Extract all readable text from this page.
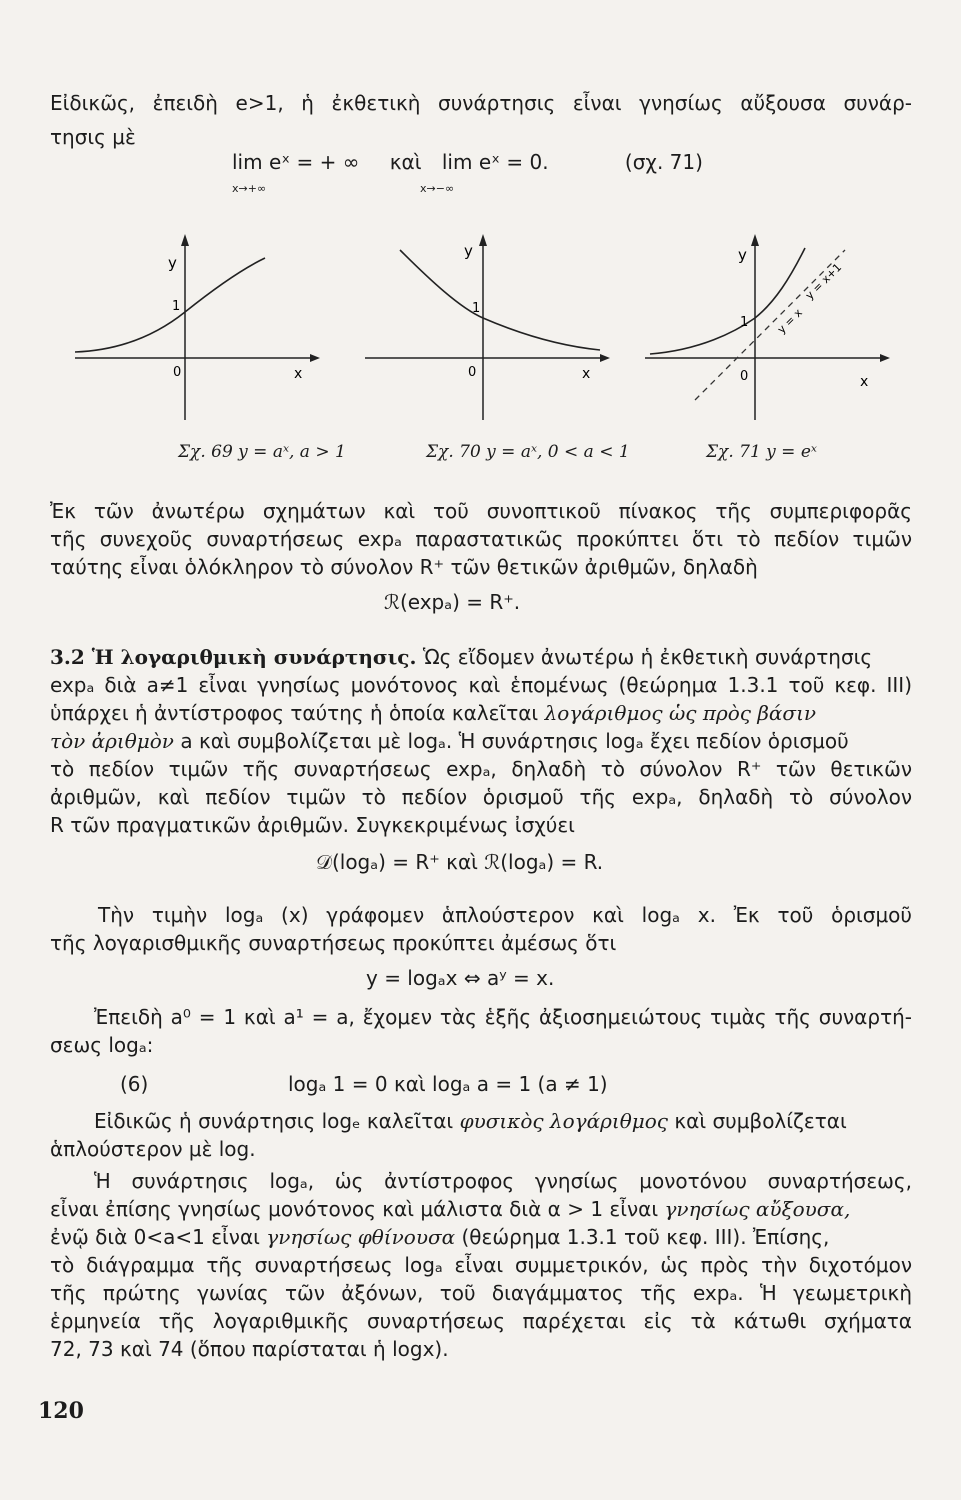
Εἰδικῶς, ἐπειδὴ e>1, ἡ ἐκθετικὴ συνάρτησις εἶναι γνησίως αὔξουσα συνάρ-
τησις μὲ
lim eˣ = + ∞ καὶ lim eˣ = 0.	(σχ. 71)
x→+∞	x→−∞
y
1
0	x
y
1
0	x
y
1
0	x
y = x+1
y = x
Σχ. 69 y = aˣ, a > 1	Σχ. 70 y = aˣ, 0 < a < 1	Σχ. 71 y = eˣ
Ἐκ τῶν ἀνωτέρω σχημάτων καὶ τοῦ συνοπτικοῦ πίνακος τῆς συμπεριφορᾶς
τῆς συνεχοῦς συναρτήσεως expₐ παραστατικῶς προκύπτει ὅτι τὸ πεδίον τιμῶν
ταύτης εἶναι ὁλόκληρον τὸ σύνολον R⁺ τῶν θετικῶν ἀριθμῶν, δηλαδὴ
ℛ(expₐ) = R⁺.
3.2 Ἡ λογαριθμικὴ συνάρτησις. Ὡς εἴδομεν ἀνωτέρω ἡ ἐκθετικὴ συνάρτησις
expₐ διὰ a≠1 εἶναι γνησίως μονότονος καὶ ἑπομένως (θεώρημα 1.3.1 τοῦ κεφ. ΙΙΙ)
ὑπάρχει ἡ ἀντίστροφος ταύτης ἡ ὁποία καλεῖται λογάριθμος ὡς πρὸς βάσιν
τὸν ἀριθμὸν a καὶ συμβολίζεται μὲ logₐ. Ἡ συνάρτησις logₐ ἔχει πεδίον ὁρισμοῦ
τὸ πεδίον τιμῶν τῆς συναρτήσεως expₐ, δηλαδὴ τὸ σύνολον R⁺ τῶν θετικῶν
ἀριθμῶν, καὶ πεδίον τιμῶν τὸ πεδίον ὁρισμοῦ τῆς expₐ, δηλαδὴ τὸ σύνολον
R τῶν πραγματικῶν ἀριθμῶν. Συγκεκριμένως ἰσχύει
𝒟(logₐ) = R⁺ καὶ ℛ(logₐ) = R.
Τὴν τιμὴν logₐ (x) γράφομεν ἁπλούστερον καὶ logₐ x. Ἐκ τοῦ ὁρισμοῦ
τῆς λογαρισθμικῆς συναρτήσεως προκύπτει ἀμέσως ὅτι
y = logₐx ⇔ aʸ = x.
Ἐπειδὴ a⁰ = 1 καὶ a¹ = a, ἔχομεν τὰς ἑξῆς ἀξιοσημειώτους τιμὰς τῆς συναρτή-
σεως logₐ:
(6)	logₐ 1 = 0 καὶ logₐ a = 1 (a ≠ 1)
Εἰδικῶς ἡ συνάρτησις logₑ καλεῖται φυσικὸς λογάριθμος καὶ συμβολίζεται
ἁπλούστερον μὲ log.
Ἡ συνάρτησις logₐ, ὡς ἀντίστροφος γνησίως μονοτόνου συναρτήσεως,
εἶναι ἐπίσης γνησίως μονότονος καὶ μάλιστα διὰ α > 1 εἶναι γνησίως αὔξουσα,
ἐνῷ διὰ 0<a<1 εἶναι γνησίως φθίνουσα (θεώρημα 1.3.1 τοῦ κεφ. ΙΙΙ). Ἐπίσης,
τὸ διάγραμμα τῆς συναρτήσεως logₐ εἶναι συμμετρικόν, ὡς πρὸς τὴν διχοτόμον
τῆς πρώτης γωνίας τῶν ἀξόνων, τοῦ διαγάμματος τῆς expₐ. Ἡ γεωμετρικὴ
ἑρμηνεία τῆς λογαριθμικῆς συναρτήσεως παρέχεται εἰς τὰ κάτωθι σχήματα
72, 73 καὶ 74 (ὅπου παρίσταται ἡ logx).
120
